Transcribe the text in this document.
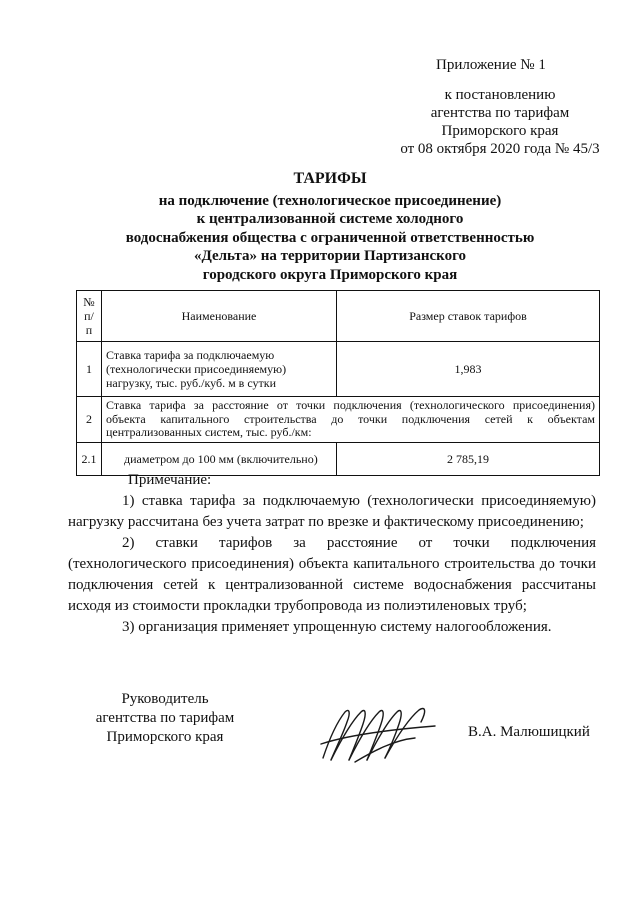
Приложение № 1
к постановлению
агентства по тарифам
Приморского края
от 08 октября 2020 года № 45/3
ТАРИФЫ
на подключение (технологическое присоединение)
к централизованной системе холодного
водоснабжения общества с ограниченной ответственностью
«Дельта» на территории Партизанского
городского округа Приморского края
№ п/п	Наименование	Размер ставок тарифов
1	Ставка тарифа за подключаемую (технологически присоединяемую) нагрузку, тыс. руб./куб. м в сутки	1,983
2	Ставка тарифа за расстояние от точки подключения (технологического присоединения) объекта капитального строительства до точки подключения сетей к объектам централизованных систем, тыс. руб./км:	
2.1	диаметром до 100 мм (включительно)	2 785,19

Примечание:

1) ставка тарифа за подключаемую (технологически присоединяемую) нагрузку рассчитана без учета затрат по врезке и фактическому присоединению;

2) ставки тарифов за расстояние от точки подключения (технологического присоединения) объекта капитального строительства до точки подключения сетей к централизованной системе водоснабжения рассчитаны исходя из стоимости прокладки трубопровода из полиэтиленовых труб;

3) организация применяет упрощенную систему налогообложения.

Руководитель
агентства по тарифам
Приморского края	В.А. Малюшицкий
